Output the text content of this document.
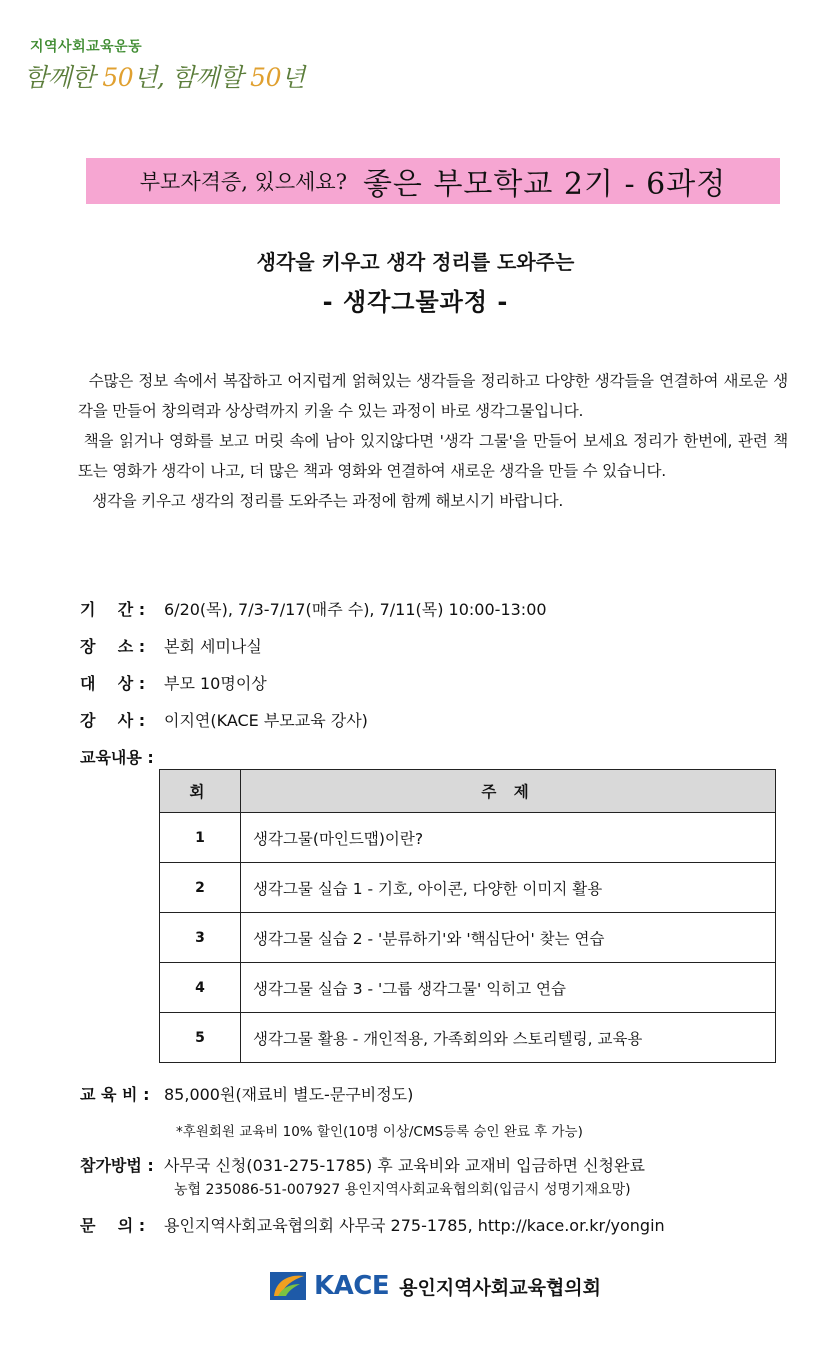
지역사회교육운동
함께한 50년, 함께할 50년
부모자격증, 있으세요? 좋은 부모학교 2기 - 6과정
생각을 키우고 생각 정리를 도와주는
- 생각그물과정 -

수많은 정보 속에서 복잡하고 어지럽게 얽혀있는 생각들을 정리하고 다양한 생각들을 연결하여 새로운 생각을 만들어 창의력과 상상력까지 키울 수 있는 과정이 바로 생각그물입니다.

책을 읽거나 영화를 보고 머릿 속에 남아 있지않다면 '생각 그물'을 만들어 보세요 정리가 한번에, 관련 책 또는 영화가 생각이 나고, 더 많은 책과 영화와 연결하여 새로운 생각을 만들 수 있습니다.

생각을 키우고 생각의 정리를 도와주는 과정에 함께 해보시기 바랍니다.

기    간 : 6/20(목), 7/3-7/17(매주 수), 7/11(목) 10:00-13:00
장    소 : 본회 세미나실
대    상 : 부모 10명이상
강    사 : 이지연(KACE 부모교육 강사)
교육내용 :
회	주 제
1	생각그물(마인드맵)이란?
2	생각그물 실습 1 - 기호, 아이콘, 다양한 이미지 활용
3	생각그물 실습 2 - '분류하기'와 '핵심단어' 찾는 연습
4	생각그물 실습 3 - '그룹 생각그물' 익히고 연습
5	생각그물 활용 - 개인적용, 가족회의와 스토리텔링, 교육용
교 육 비 : 85,000원(재료비 별도-문구비정도)
*후원회원 교육비 10% 할인(10명 이상/CMS등록 승인 완료 후 가능)
참가방법 : 사무국 신청(031-275-1785) 후 교육비와 교재비 입금하면 신청완료
농협 235086-51-007927 용인지역사회교육협의회(입금시 성명기재요망)
문    의 : 용인지역사회교육협의회 사무국 275-1785, http://kace.or.kr/yongin
KACE 용인지역사회교육협의회
